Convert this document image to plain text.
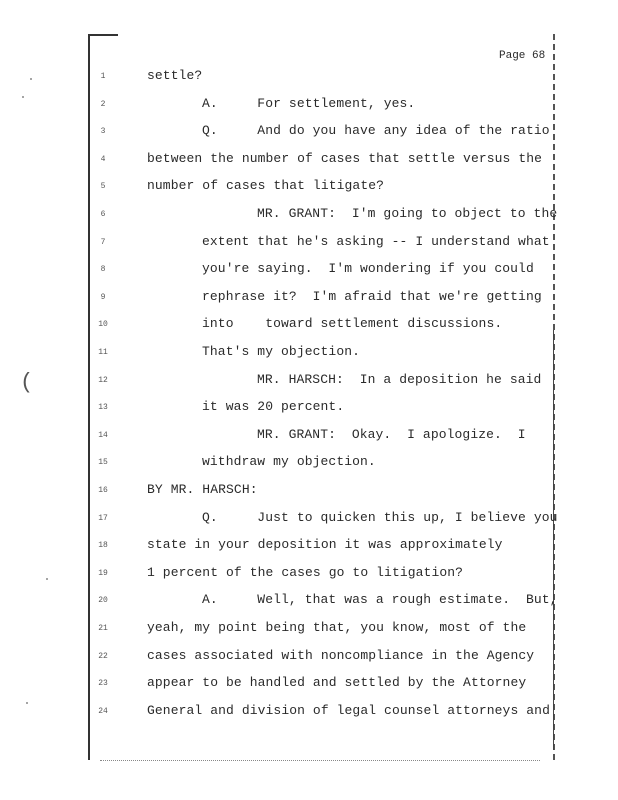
Page 68
1	settle?
2	A.     For settlement, yes.
3	Q.     And do you have any idea of the ratio
4	between the number of cases that settle versus the
5	number of cases that litigate?
6	MR. GRANT:  I'm going to object to the
7	extent that he's asking -- I understand what
8	you're saying.  I'm wondering if you could
9	rephrase it?  I'm afraid that we're getting
10	into    toward settlement discussions.
11	That's my objection.
12	MR. HARSCH:  In a deposition he said
13	it was 20 percent.
14	MR. GRANT:  Okay.  I apologize.  I
15	withdraw my objection.
16	BY MR. HARSCH:
17	Q.     Just to quicken this up, I believe you
18	state in your deposition it was approximately
19	1 percent of the cases go to litigation?
20	A.     Well, that was a rough estimate.  But,
21	yeah, my point being that, you know, most of the
22	cases associated with noncompliance in the Agency
23	appear to be handled and settled by the Attorney
24	General and division of legal counsel attorneys and
(
